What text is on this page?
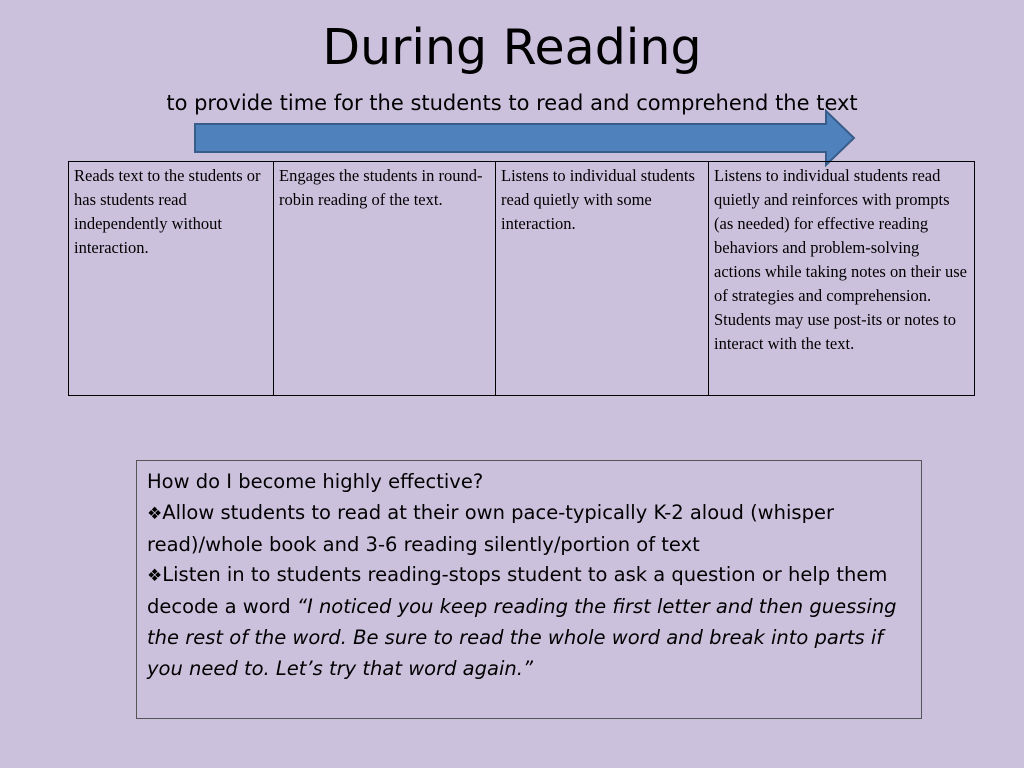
During Reading
to provide time for the students to read and comprehend the text
Reads text to the students or
has students read independently without interaction.	Engages the students in round-robin reading of the text.	Listens to individual students read quietly with some interaction.	Listens to individual students read quietly and reinforces with prompts (as needed) for effective reading behaviors and problem-solving actions while taking notes on their use of strategies and comprehension. Students may use post-its or notes to interact with the text.

How do I become highly effective?

❖Allow students to read at their own pace-typically K-2 aloud (whisper read)/whole book and 3-6 reading silently/portion of text

❖Listen in to students reading-stops student to ask a question or help them decode a word “I noticed you keep reading the first letter and then guessing the rest of the word. Be sure to read the whole word and break into parts if you need to. Let’s try that word again.”
